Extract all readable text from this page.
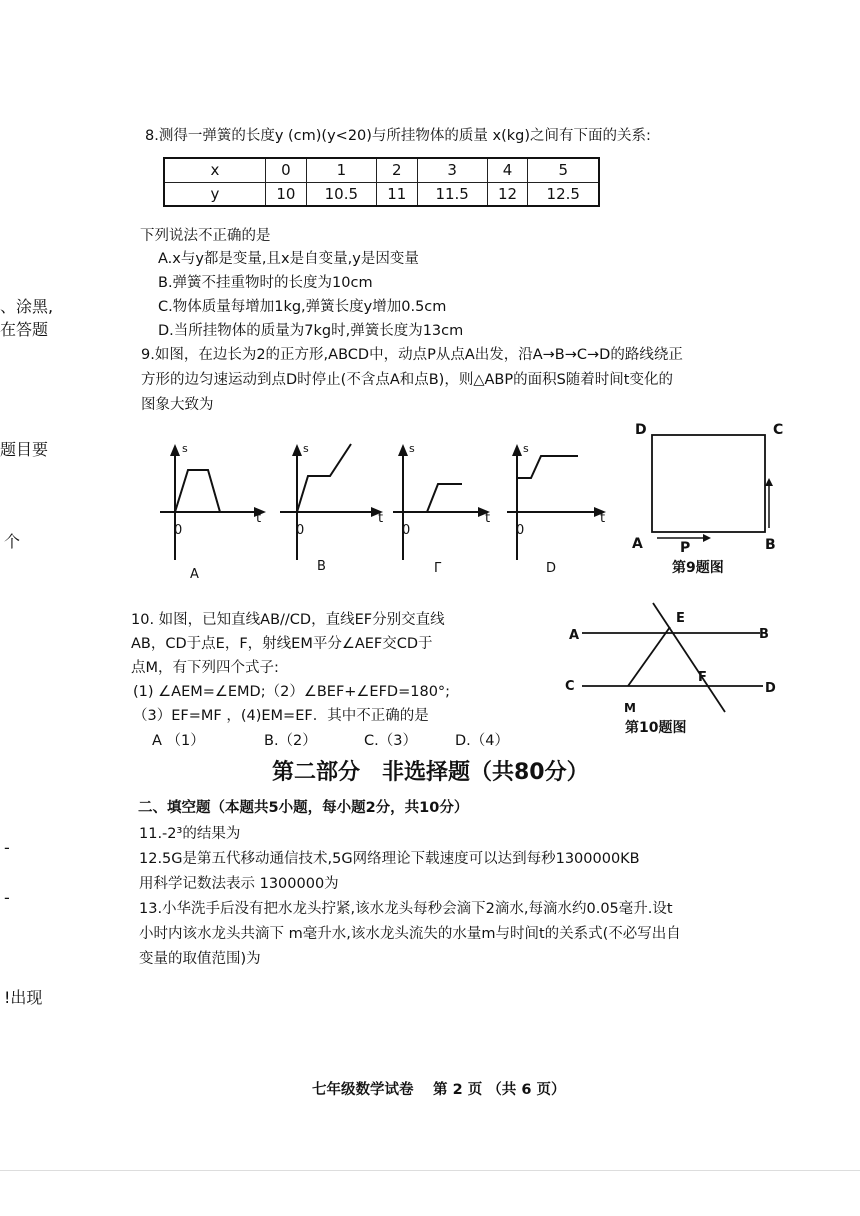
、涂黑,
在答题
题目要
个
-
-
!出现
8.测得一弹簧的长度y (cm)(y<20)与所挂物体的质量 x(kg)之间有下面的关系:
x	0	1	2	3	4	5
y	10	10.5	11	11.5	12	12.5
下列说法不正确的是
A.x与y都是变量,且x是自变量,y是因变量
B.弹簧不挂重物时的长度为10cm
C.物体质量每增加1kg,弹簧长度y增加0.5cm
D.当所挂物体的质量为7kg时,弹簧长度为13cm
9.如图，在边长为2的正方形,ABCD中，动点P从点A出发，沿A→B→C→D的路线绕正
方形的边匀速运动到点D时停止(不含点A和点B)，则△ABP的面积S随着时间t变化的
图象大致为
s
t
0
A
s
t
0
B
s
t
0
Γ
s
t
0
D
D	C
A	B
P
第9题图
10. 如图，已知直线AB//CD，直线EF分别交直线
AB，CD于点E，F，射线EM平分∠AEF交CD于
点M，有下列四个式子:
(1) ∠AEM=∠EMD;（2）∠BEF+∠EFD=180°;
（3）EF=MF ，(4)EM=EF．其中不正确的是
A （1）	B.（2）	C.（3）	D.（4）
A	B
C	D
E
F
M
第10题图
第二部分　非选择题（共80分）
二、填空题（本题共5小题，每小题2分，共10分）
11.-2³的结果为
12.5G是第五代移动通信技术,5G网络理论下载速度可以达到每秒1300000KB
用科学记数法表示 1300000为
13.小华洗手后没有把水龙头拧紧,该水龙头每秒会滴下2滴水,每滴水约0.05毫升.设t
小时内该水龙头共滴下 m毫升水,该水龙头流失的水量m与时间t的关系式(不必写出自
变量的取值范围)为
七年级数学试卷　 第 2 页 （共 6 页）
